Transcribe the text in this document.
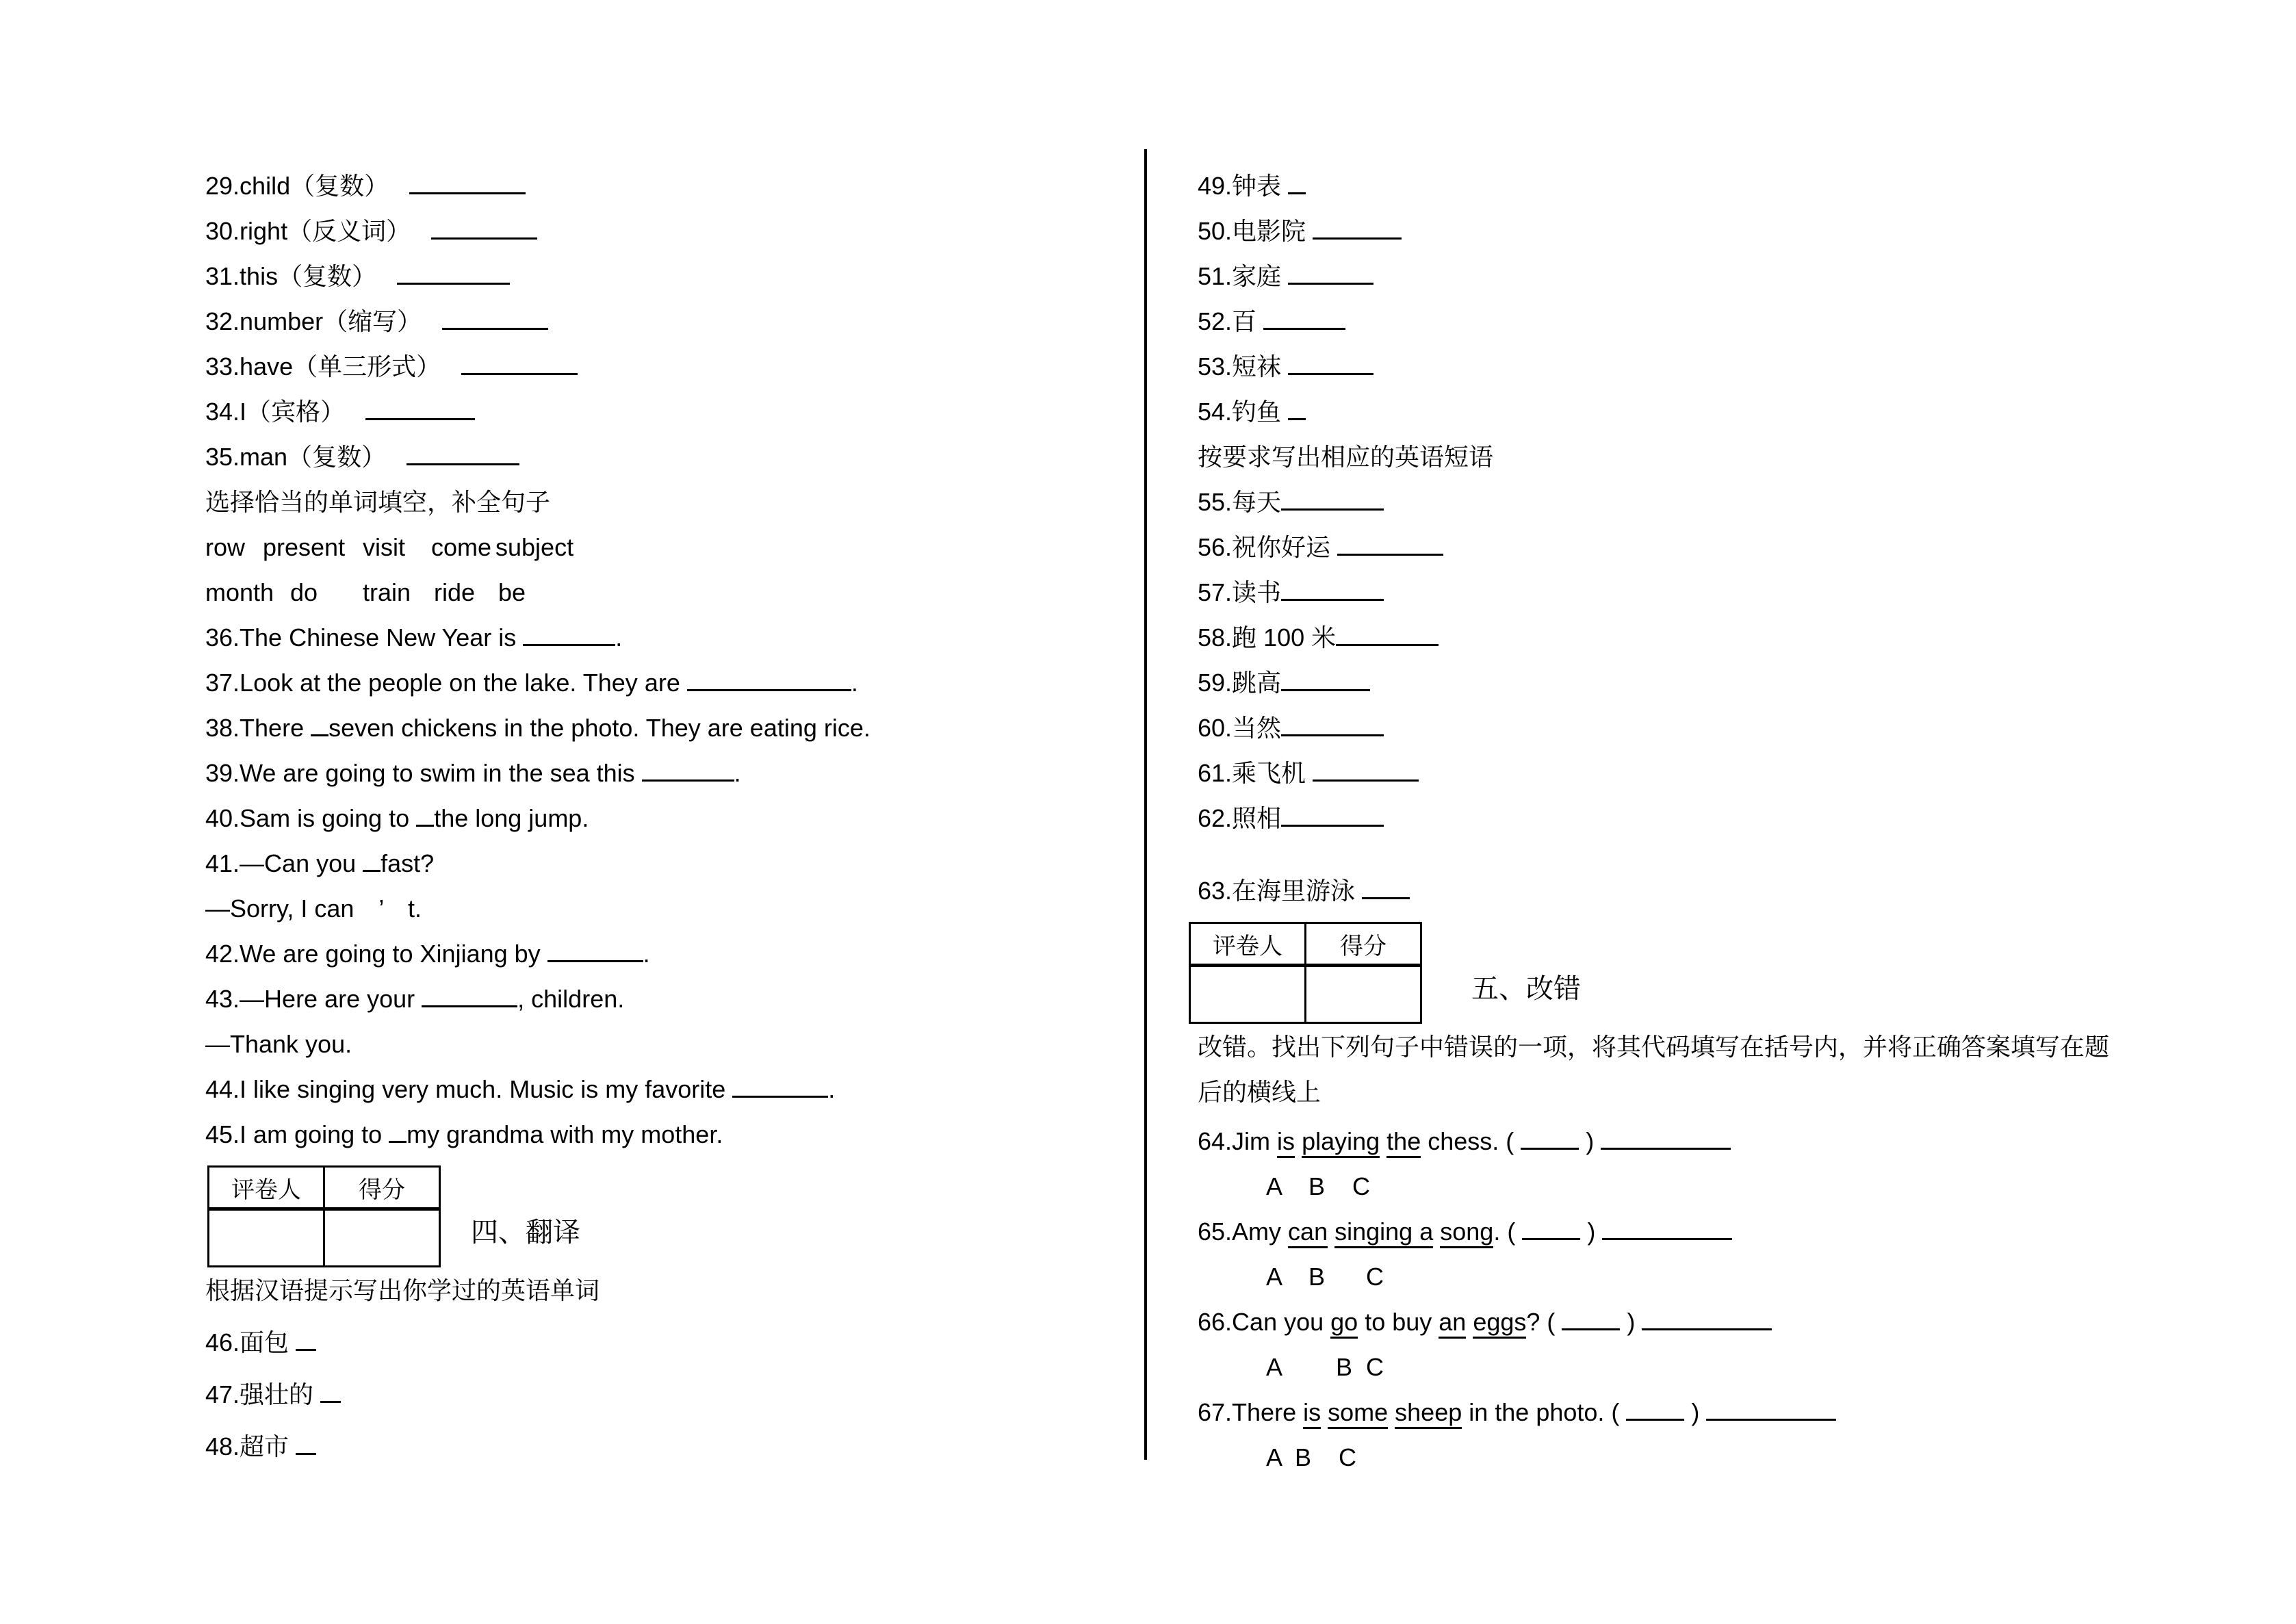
29.child（复数）
30.right（反义词）
31.this（复数）
32.number（缩写）
33.have（单三形式）
34.I（宾格）
35.man（复数）
选择恰当的单词填空，补全句子
row present visit come subject
month do train ride be
36.The Chinese New Year is	.
37.Look at the people on the lake. They are	.
38.There seven chickens in the photo. They are eating rice.
39.We are going to swim in the sea this	.
40.Sam is going to the long jump.
41.—Can you fast?
—Sorry, I can　’　t.
42.We are going to Xinjiang by	.
43.—Here are your	, children.
—Thank you.
44.I like singing very much. Music is my favorite	.
45.I am going to my grandma with my mother.
评卷人	得分

四、翻译
根据汉语提示写出你学过的英语单词
46.面包
47.强壮的
48.超市
49.钟表
50.电影院
51.家庭
52.百
53.短袜
54.钓鱼
按要求写出相应的英语短语
55.每天
56.祝你好运
57.读书
58.跑 100 米
59.跳高
60.当然
61.乘飞机
62.照相
63.在海里游泳
评卷人	得分

五、改错
改错。找出下列句子中错误的一项，将其代码填写在括号内，并将正确答案填写在题
后的横线上
64.Jim is playing the chess. (  )
A  B  C
65.Amy can singing a song. (  )
A  B   C
66.Can you go to buy an eggs? (  )
A    B C
67.There is some sheep in the photo. (  )
A B  C
